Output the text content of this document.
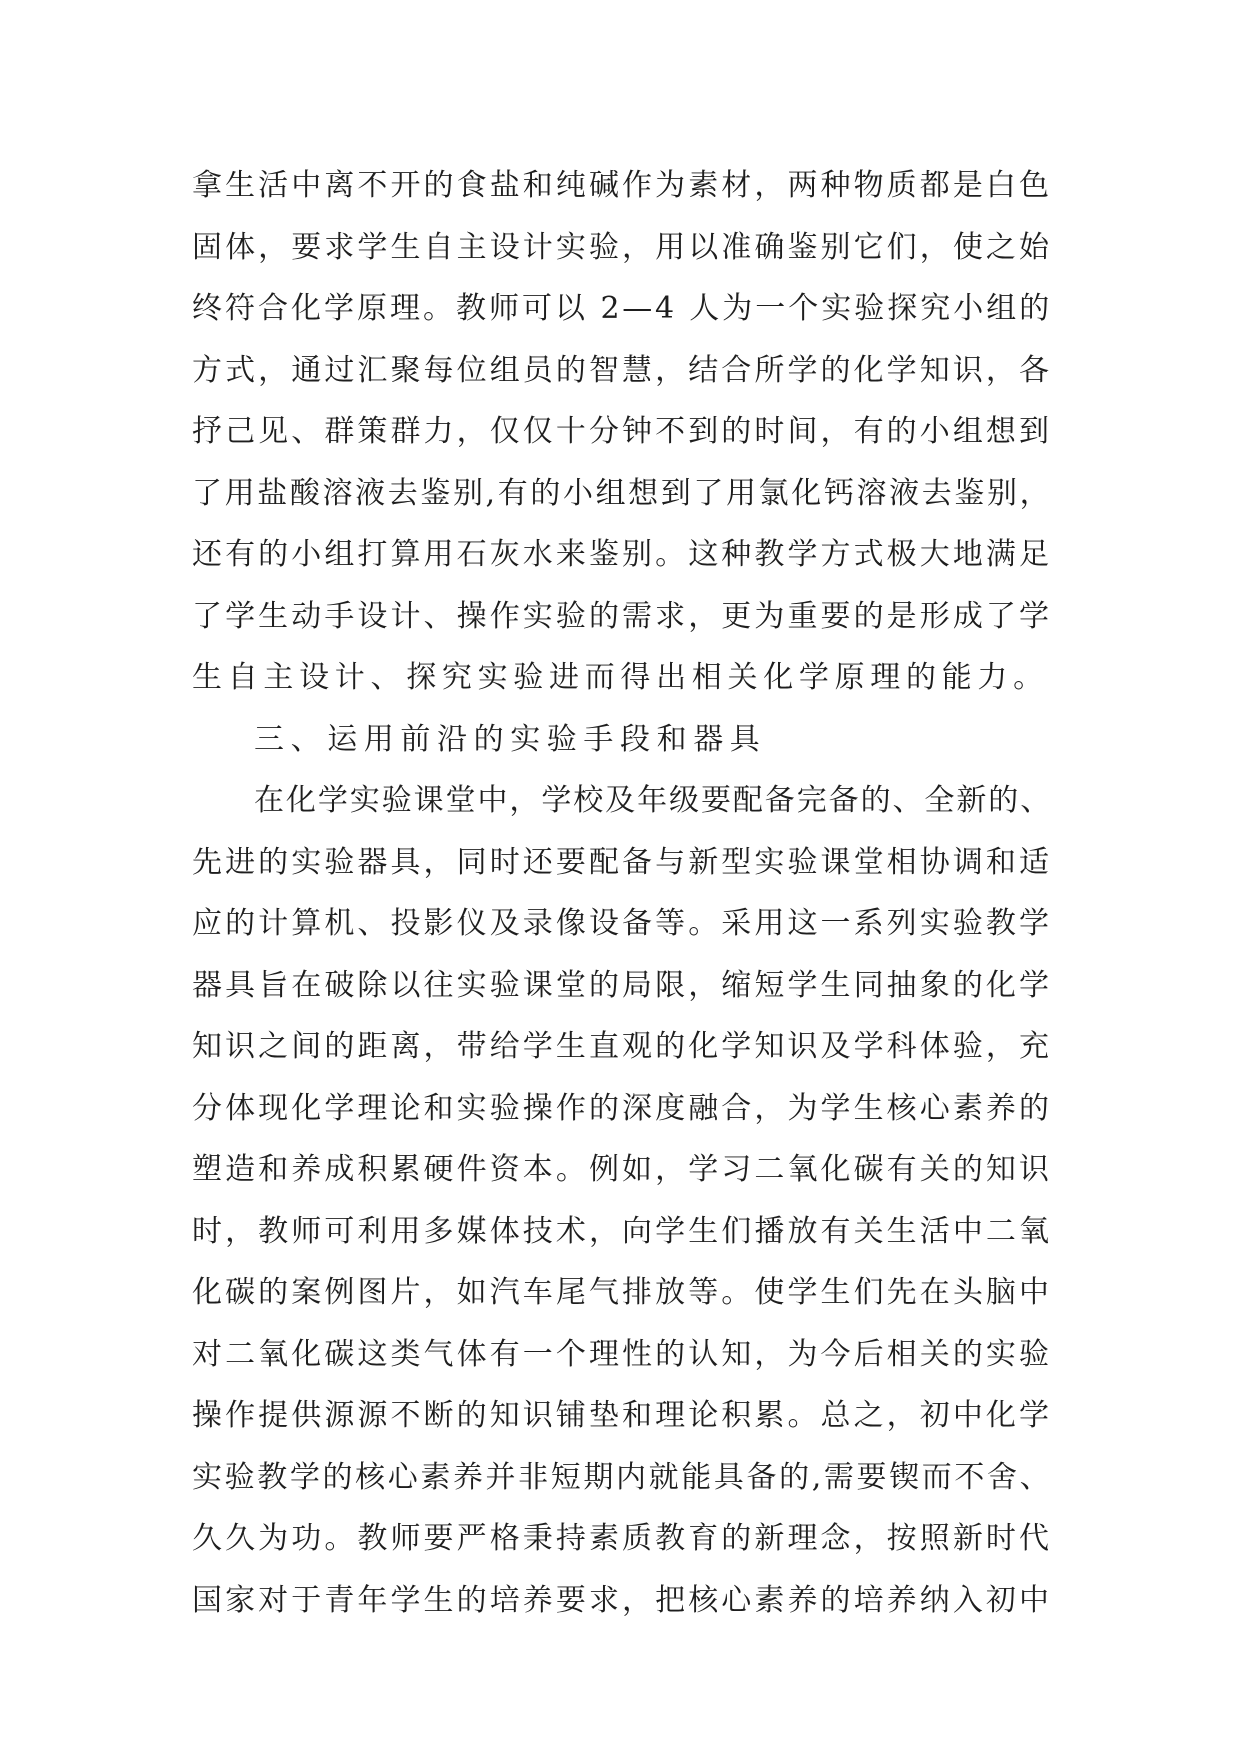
拿生活中离不开的食盐和纯碱作为素材，两种物质都是白色
固体，要求学生自主设计实验，用以准确鉴别它们，使之始
终符合化学原理。教师可以 2—4 人为一个实验探究小组的
方式，通过汇聚每位组员的智慧，结合所学的化学知识，各
抒己见、群策群力，仅仅十分钟不到的时间，有的小组想到
了用盐酸溶液去鉴别,有的小组想到了用氯化钙溶液去鉴别，
还有的小组打算用石灰水来鉴别。这种教学方式极大地满足
了学生动手设计、操作实验的需求，更为重要的是形成了学
生自主设计、探究实验进而得出相关化学原理的能力。
三、运用前沿的实验手段和器具
在化学实验课堂中，学校及年级要配备完备的、全新的、
先进的实验器具，同时还要配备与新型实验课堂相协调和适
应的计算机、投影仪及录像设备等。采用这一系列实验教学
器具旨在破除以往实验课堂的局限，缩短学生同抽象的化学
知识之间的距离，带给学生直观的化学知识及学科体验，充
分体现化学理论和实验操作的深度融合，为学生核心素养的
塑造和养成积累硬件资本。例如，学习二氧化碳有关的知识
时，教师可利用多媒体技术，向学生们播放有关生活中二氧
化碳的案例图片，如汽车尾气排放等。使学生们先在头脑中
对二氧化碳这类气体有一个理性的认知，为今后相关的实验
操作提供源源不断的知识铺垫和理论积累。总之，初中化学
实验教学的核心素养并非短期内就能具备的,需要锲而不舍、
久久为功。教师要严格秉持素质教育的新理念，按照新时代
国家对于青年学生的培养要求，把核心素养的培养纳入初中
